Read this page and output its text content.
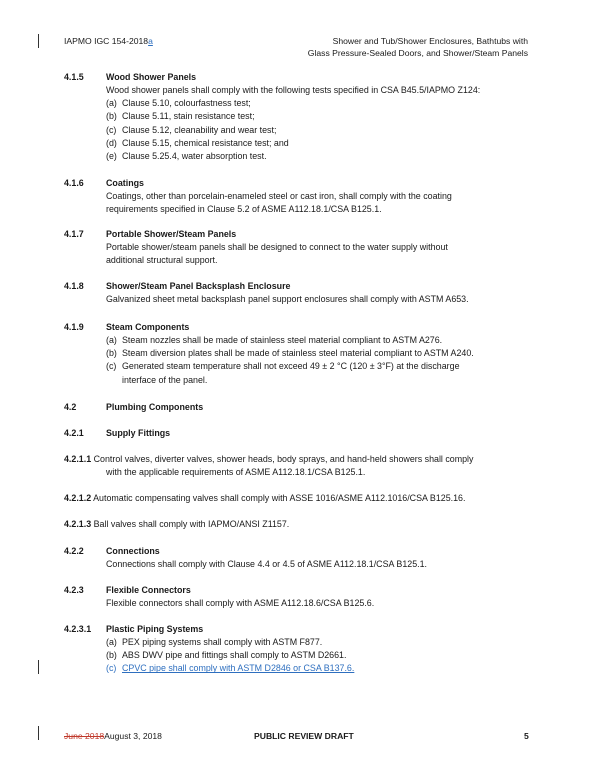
IAPMO IGC 154-2018a	Shower and Tub/Shower Enclosures, Bathtubs with
Glass Pressure-Sealed Doors, and Shower/Steam Panels
4.1.5	Wood Shower Panels
Wood shower panels shall comply with the following tests specified in CSA B45.5/IAPMO Z124:
(a) Clause 5.10, colourfastness test;
(b) Clause 5.11, stain resistance test;
(c) Clause 5.12, cleanability and wear test;
(d) Clause 5.15, chemical resistance test; and
(e) Clause 5.25.4, water absorption test.
4.1.6	Coatings
Coatings, other than porcelain-enameled steel or cast iron, shall comply with the coating
requirements specified in Clause 5.2 of ASME A112.18.1/CSA B125.1.
4.1.7	Portable Shower/Steam Panels
Portable shower/steam panels shall be designed to connect to the water supply without
additional structural support.
4.1.8	Shower/Steam Panel Backsplash Enclosure
Galvanized sheet metal backsplash panel support enclosures shall comply with ASTM A653.
4.1.9	Steam Components
(a) Steam nozzles shall be made of stainless steel material compliant to ASTM A276.
(b) Steam diversion plates shall be made of stainless steel material compliant to ASTM A240.
(c) Generated steam temperature shall not exceed 49 ± 2 °C (120 ± 3°F) at the discharge
interface of the panel.
4.2	Plumbing Components
4.2.1	Supply Fittings
4.2.1.1 Control valves, diverter valves, shower heads, body sprays, and hand-held showers shall comply
with the applicable requirements of ASME A112.18.1/CSA B125.1.
4.2.1.2 Automatic compensating valves shall comply with ASSE 1016/ASME A112.1016/CSA B125.16.
4.2.1.3 Ball valves shall comply with IAPMO/ANSI Z1157.
4.2.2	Connections
Connections shall comply with Clause 4.4 or 4.5 of ASME A112.18.1/CSA B125.1.
4.2.3	Flexible Connectors
Flexible connectors shall comply with ASME A112.18.6/CSA B125.6.
4.2.3.1 Plastic Piping Systems
(a) PEX piping systems shall comply with ASTM F877.
(b) ABS DWV pipe and fittings shall comply to ASTM D2661.
(c) CPVC pipe shall comply with ASTM D2846 or CSA B137.6.
June 2018August 3, 2018	PUBLIC REVIEW DRAFT	5
